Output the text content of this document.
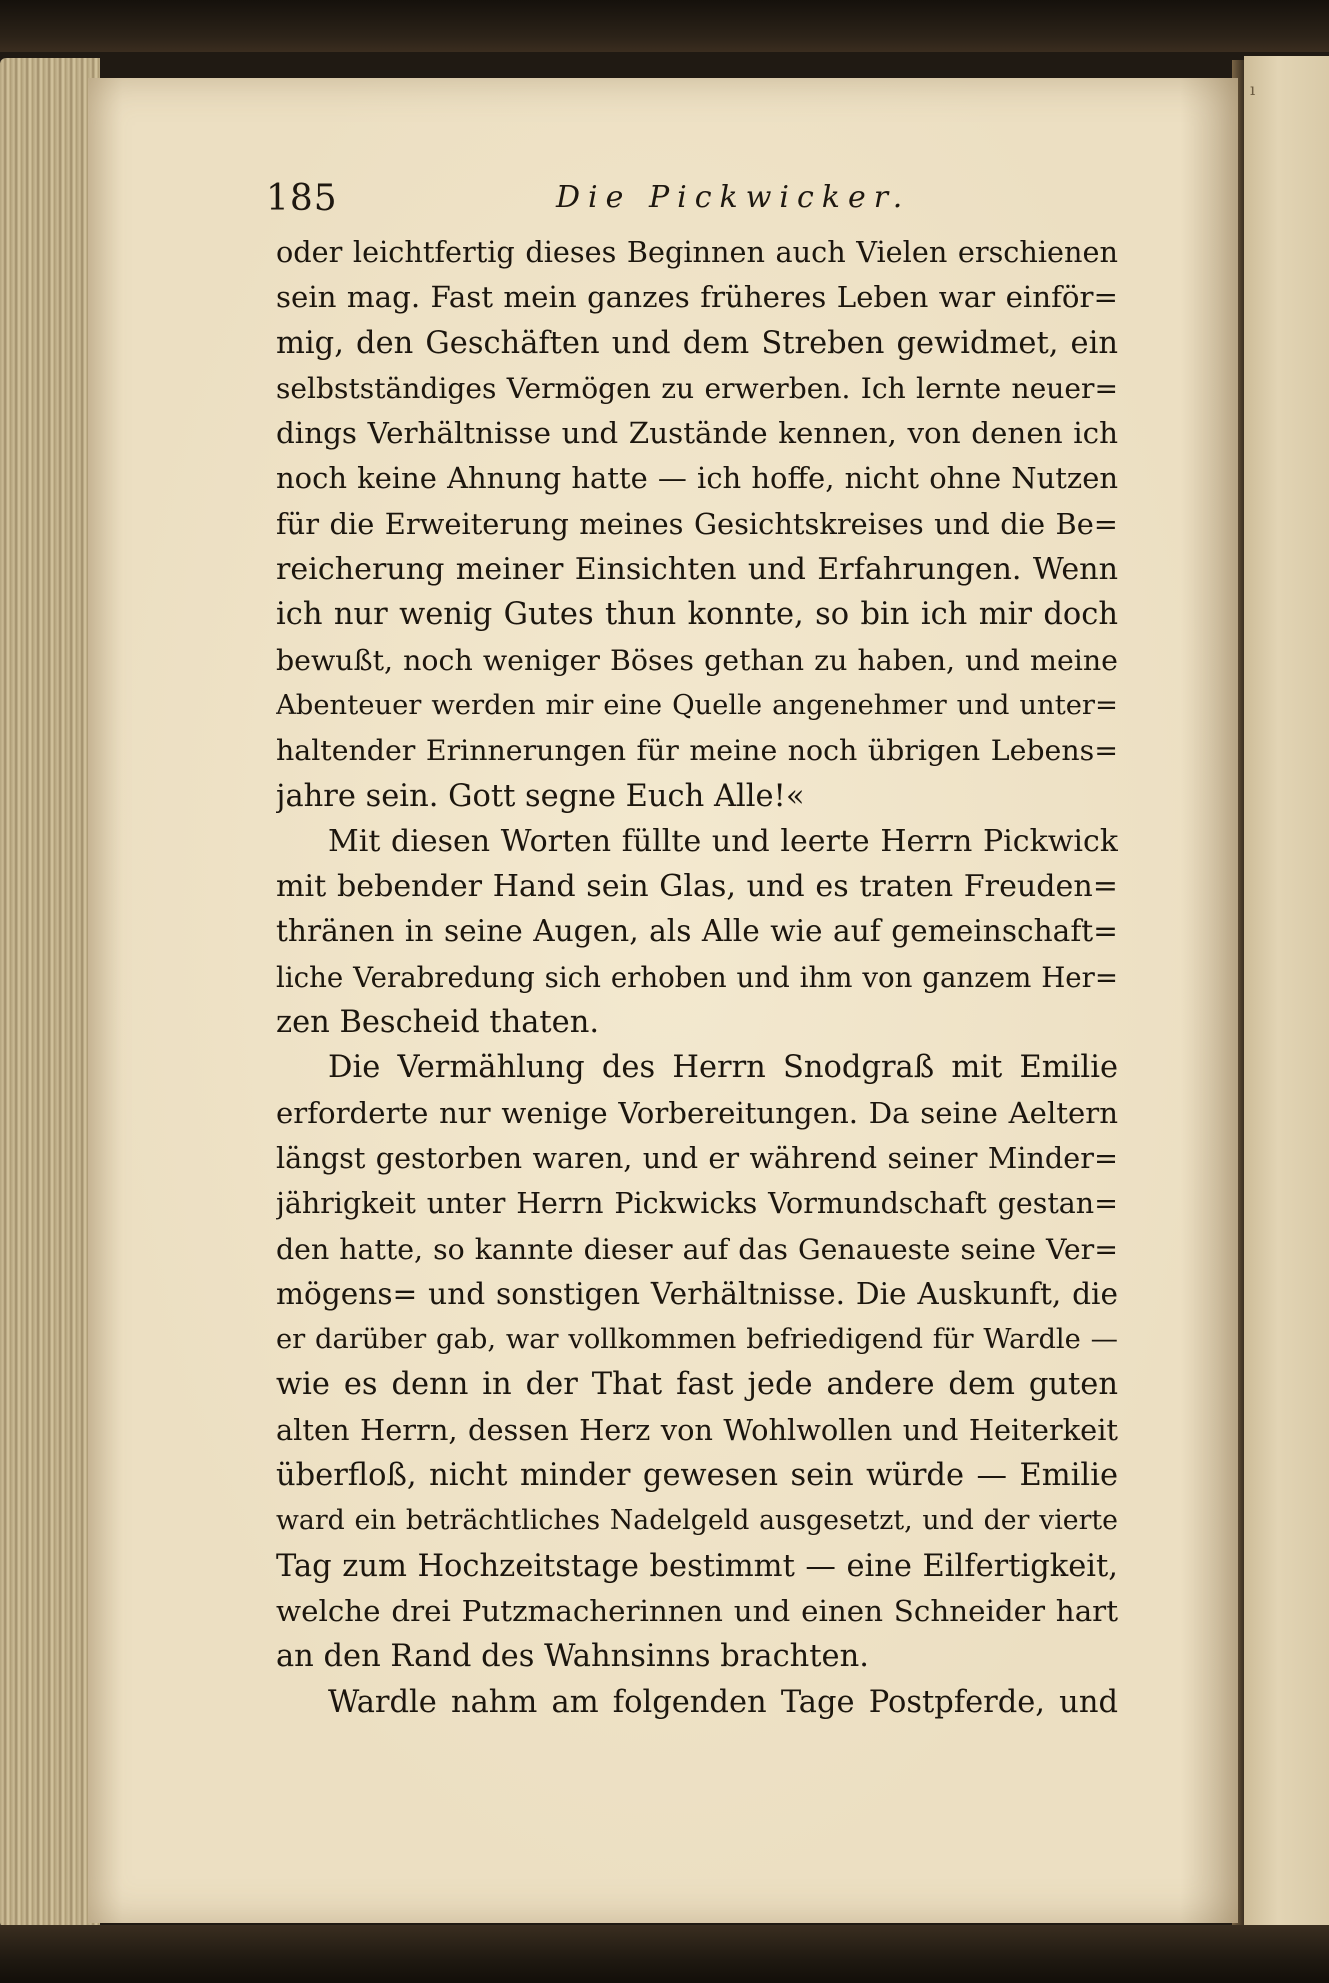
ı
185	Die Pickwicker.
oder leichtfertig dieses Beginnen auch Vielen erschienen
sein mag. Fast mein ganzes früheres Leben war einför=
mig, den Geschäften und dem Streben gewidmet, ein
selbstständiges Vermögen zu erwerben. Ich lernte neuer=
dings Verhältnisse und Zustände kennen, von denen ich
noch keine Ahnung hatte — ich hoffe, nicht ohne Nutzen
für die Erweiterung meines Gesichtskreises und die Be=
reicherung meiner Einsichten und Erfahrungen. Wenn
ich nur wenig Gutes thun konnte, so bin ich mir doch
bewußt, noch weniger Böses gethan zu haben, und meine
Abenteuer werden mir eine Quelle angenehmer und unter=
haltender Erinnerungen für meine noch übrigen Lebens=
jahre sein. Gott segne Euch Alle!«
Mit diesen Worten füllte und leerte Herrn Pickwick
mit bebender Hand sein Glas, und es traten Freuden=
thränen in seine Augen, als Alle wie auf gemeinschaft=
liche Verabredung sich erhoben und ihm von ganzem Her=
zen Bescheid thaten.
Die Vermählung des Herrn Snodgraß mit Emilie
erforderte nur wenige Vorbereitungen. Da seine Aeltern
längst gestorben waren, und er während seiner Minder=
jährigkeit unter Herrn Pickwicks Vormundschaft gestan=
den hatte, so kannte dieser auf das Genaueste seine Ver=
mögens= und sonstigen Verhältnisse. Die Auskunft, die
er darüber gab, war vollkommen befriedigend für Wardle —
wie es denn in der That fast jede andere dem guten
alten Herrn, dessen Herz von Wohlwollen und Heiterkeit
überfloß, nicht minder gewesen sein würde — Emilie
ward ein beträchtliches Nadelgeld ausgesetzt, und der vierte
Tag zum Hochzeitstage bestimmt — eine Eilfertigkeit,
welche drei Putzmacherinnen und einen Schneider hart
an den Rand des Wahnsinns brachten.
Wardle nahm am folgenden Tage Postpferde, und
